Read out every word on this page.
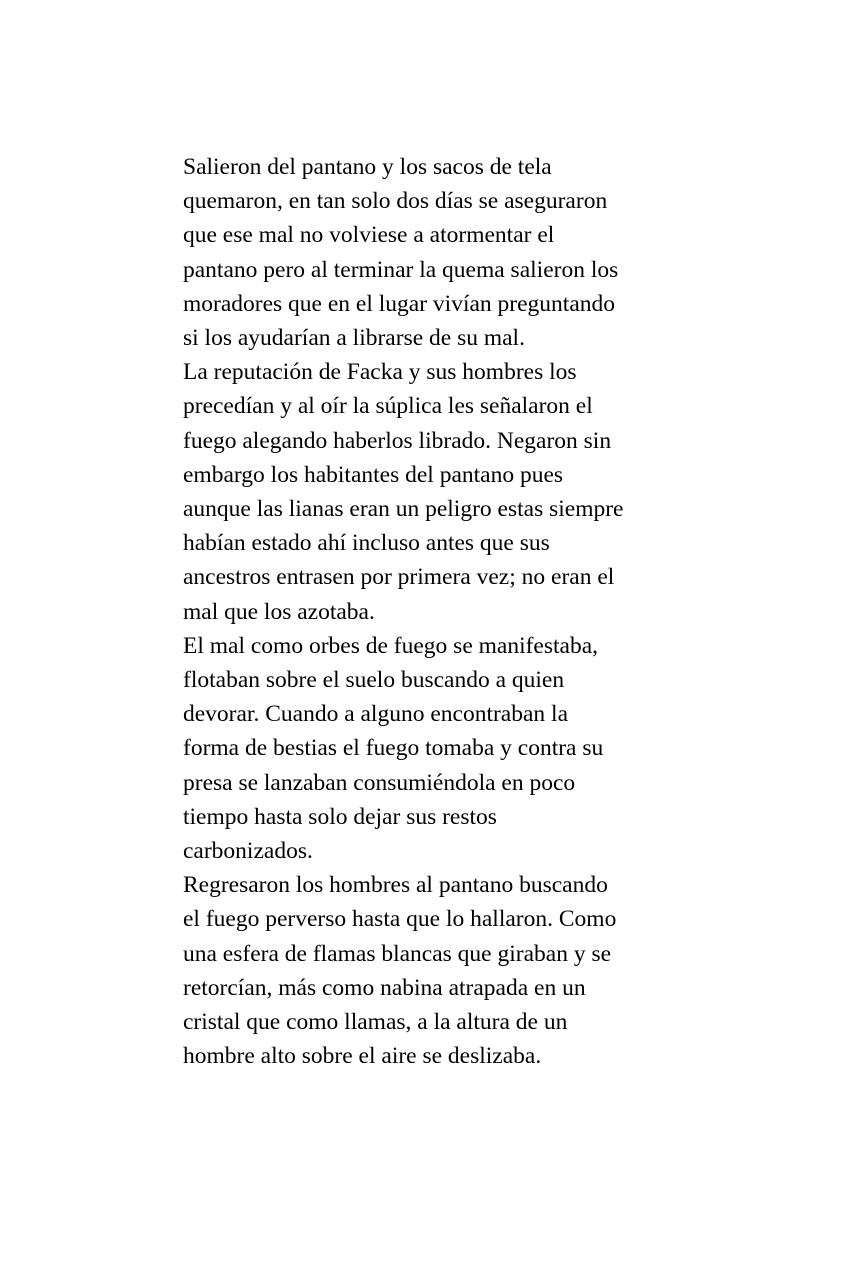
Salieron del pantano y los sacos de tela
quemaron, en tan solo dos días se aseguraron
que ese mal no volviese a atormentar el
pantano pero al terminar la quema salieron los
moradores que en el lugar vivían preguntando
si los ayudarían a librarse de su mal.
La reputación de Facka y sus hombres los
precedían y al oír la súplica les señalaron el
fuego alegando haberlos librado. Negaron sin
embargo los habitantes del pantano pues
aunque las lianas eran un peligro estas siempre
habían estado ahí incluso antes que sus
ancestros entrasen por primera vez; no eran el
mal que los azotaba.
El mal como orbes de fuego se manifestaba,
flotaban sobre el suelo buscando a quien
devorar. Cuando a alguno encontraban la
forma de bestias el fuego tomaba y contra su
presa se lanzaban consumiéndola en poco
tiempo hasta solo dejar sus restos
carbonizados.
Regresaron los hombres al pantano buscando
el fuego perverso hasta que lo hallaron. Como
una esfera de flamas blancas que giraban y se
retorcían, más como nabina atrapada en un
cristal que como llamas, a la altura de un
hombre alto sobre el aire se deslizaba.
